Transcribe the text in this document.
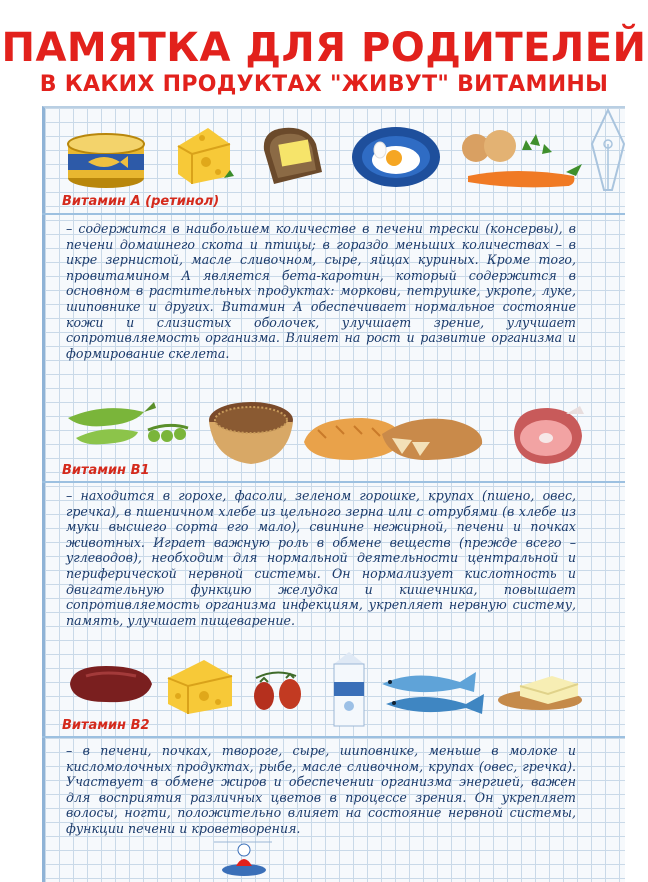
ПАМЯТКА ДЛЯ РОДИТЕЛЕЙ
В КАКИХ ПРОДУКТАХ "ЖИВУТ" ВИТАМИНЫ
Витамин А (ретинол)
– содержится в наибольшем количестве в печени трески (консервы), в печени домашнего скота и птицы; в гораздо меньших количествах – в икре зернистой, масле сливочном, сыре, яйцах куриных. Кроме того, провитамином А является бета-каротин, который содержится в основном в растительных продуктах: моркови, петрушке, укропе, луке, шиповнике и других. Витамин А обеспечивает нормальное состояние кожи и слизистых оболочек, улучшает зрение, улучшает сопротивляемость организма. Влияет на рост и развитие организма и формирование скелета.
Витамин В1
– находится в горохе, фасоли, зеленом горошке, крупах (пшено, овес, гречка), в пшеничном хлебе из цельного зерна или с отрубями (в хлебе из муки высшего сорта его мало), свинине нежирной, печени и почках животных. Играет важную роль в обмене веществ (прежде всего – углеводов), необходим для нормальной деятельности центральной и периферической нервной системы. Он нормализует кислотность и двигательную функцию желудка и кишечника, повышает сопротивляемость организма инфекциям, укрепляет нервную систему, память, улучшает пищеварение.
Витамин В2
– в печени, почках, твороге, сыре, шиповнике, меньше в молоке и кисломолочных продуктах, рыбе, масле сливочном, крупах (овес, гречка). Участвует в обмене жиров и обеспечении организма энергией, важен для восприятия различных цветов в процессе зрения. Он укрепляет волосы, ногти, положительно влияет на состояние нервной системы, функции печени и кроветворения.
